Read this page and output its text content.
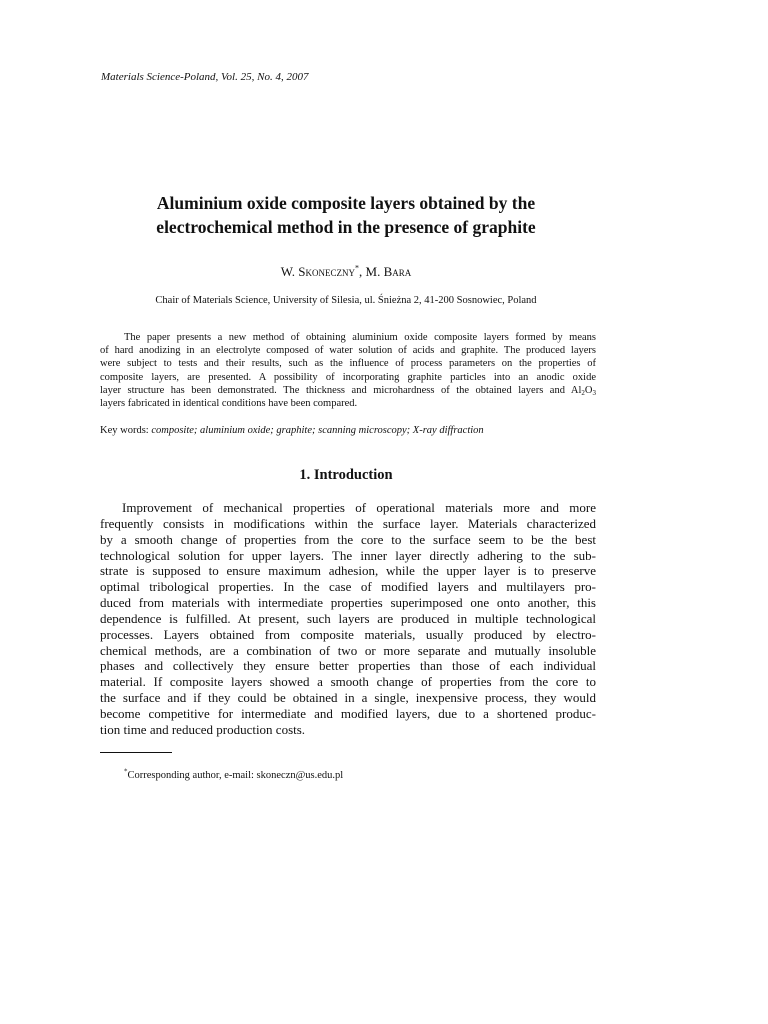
Materials Science-Poland, Vol. 25, No. 4, 2007
Aluminium oxide composite layers obtained by the
electrochemical method in the presence of graphite
W. Skoneczny*, M. Bara
Chair of Materials Science, University of Silesia, ul. Śnieżna 2, 41-200 Sosnowiec, Poland
The paper presents a new method of obtaining aluminium oxide composite layers formed by means
of hard anodizing in an electrolyte composed of water solution of acids and graphite. The produced layers
were subject to tests and their results, such as the influence of process parameters on the properties of
composite layers, are presented. A possibility of incorporating graphite particles into an anodic oxide
layer structure has been demonstrated. The thickness and microhardness of the obtained layers and $Al_2O_3$
layers fabricated in identical conditions have been compared.
Key words: composite; aluminium oxide; graphite; scanning microscopy; X-ray diffraction
1. Introduction
Improvement of mechanical properties of operational materials more and more
frequently consists in modifications within the surface layer. Materials characterized
by a smooth change of properties from the core to the surface seem to be the best
technological solution for upper layers. The inner layer directly adhering to the sub-
strate is supposed to ensure maximum adhesion, while the upper layer is to preserve
optimal tribological properties. In the case of modified layers and multilayers pro-
duced from materials with intermediate properties superimposed one onto another, this
dependence is fulfilled. At present, such layers are produced in multiple technological
processes. Layers obtained from composite materials, usually produced by electro-
chemical methods, are a combination of two or more separate and mutually insoluble
phases and collectively they ensure better properties than those of each individual
material. If composite layers showed a smooth change of properties from the core to
the surface and if they could be obtained in a single, inexpensive process, they would
become competitive for intermediate and modified layers, due to a shortened produc-
tion time and reduced production costs.
*Corresponding author, e-mail: skoneczn@us.edu.pl
